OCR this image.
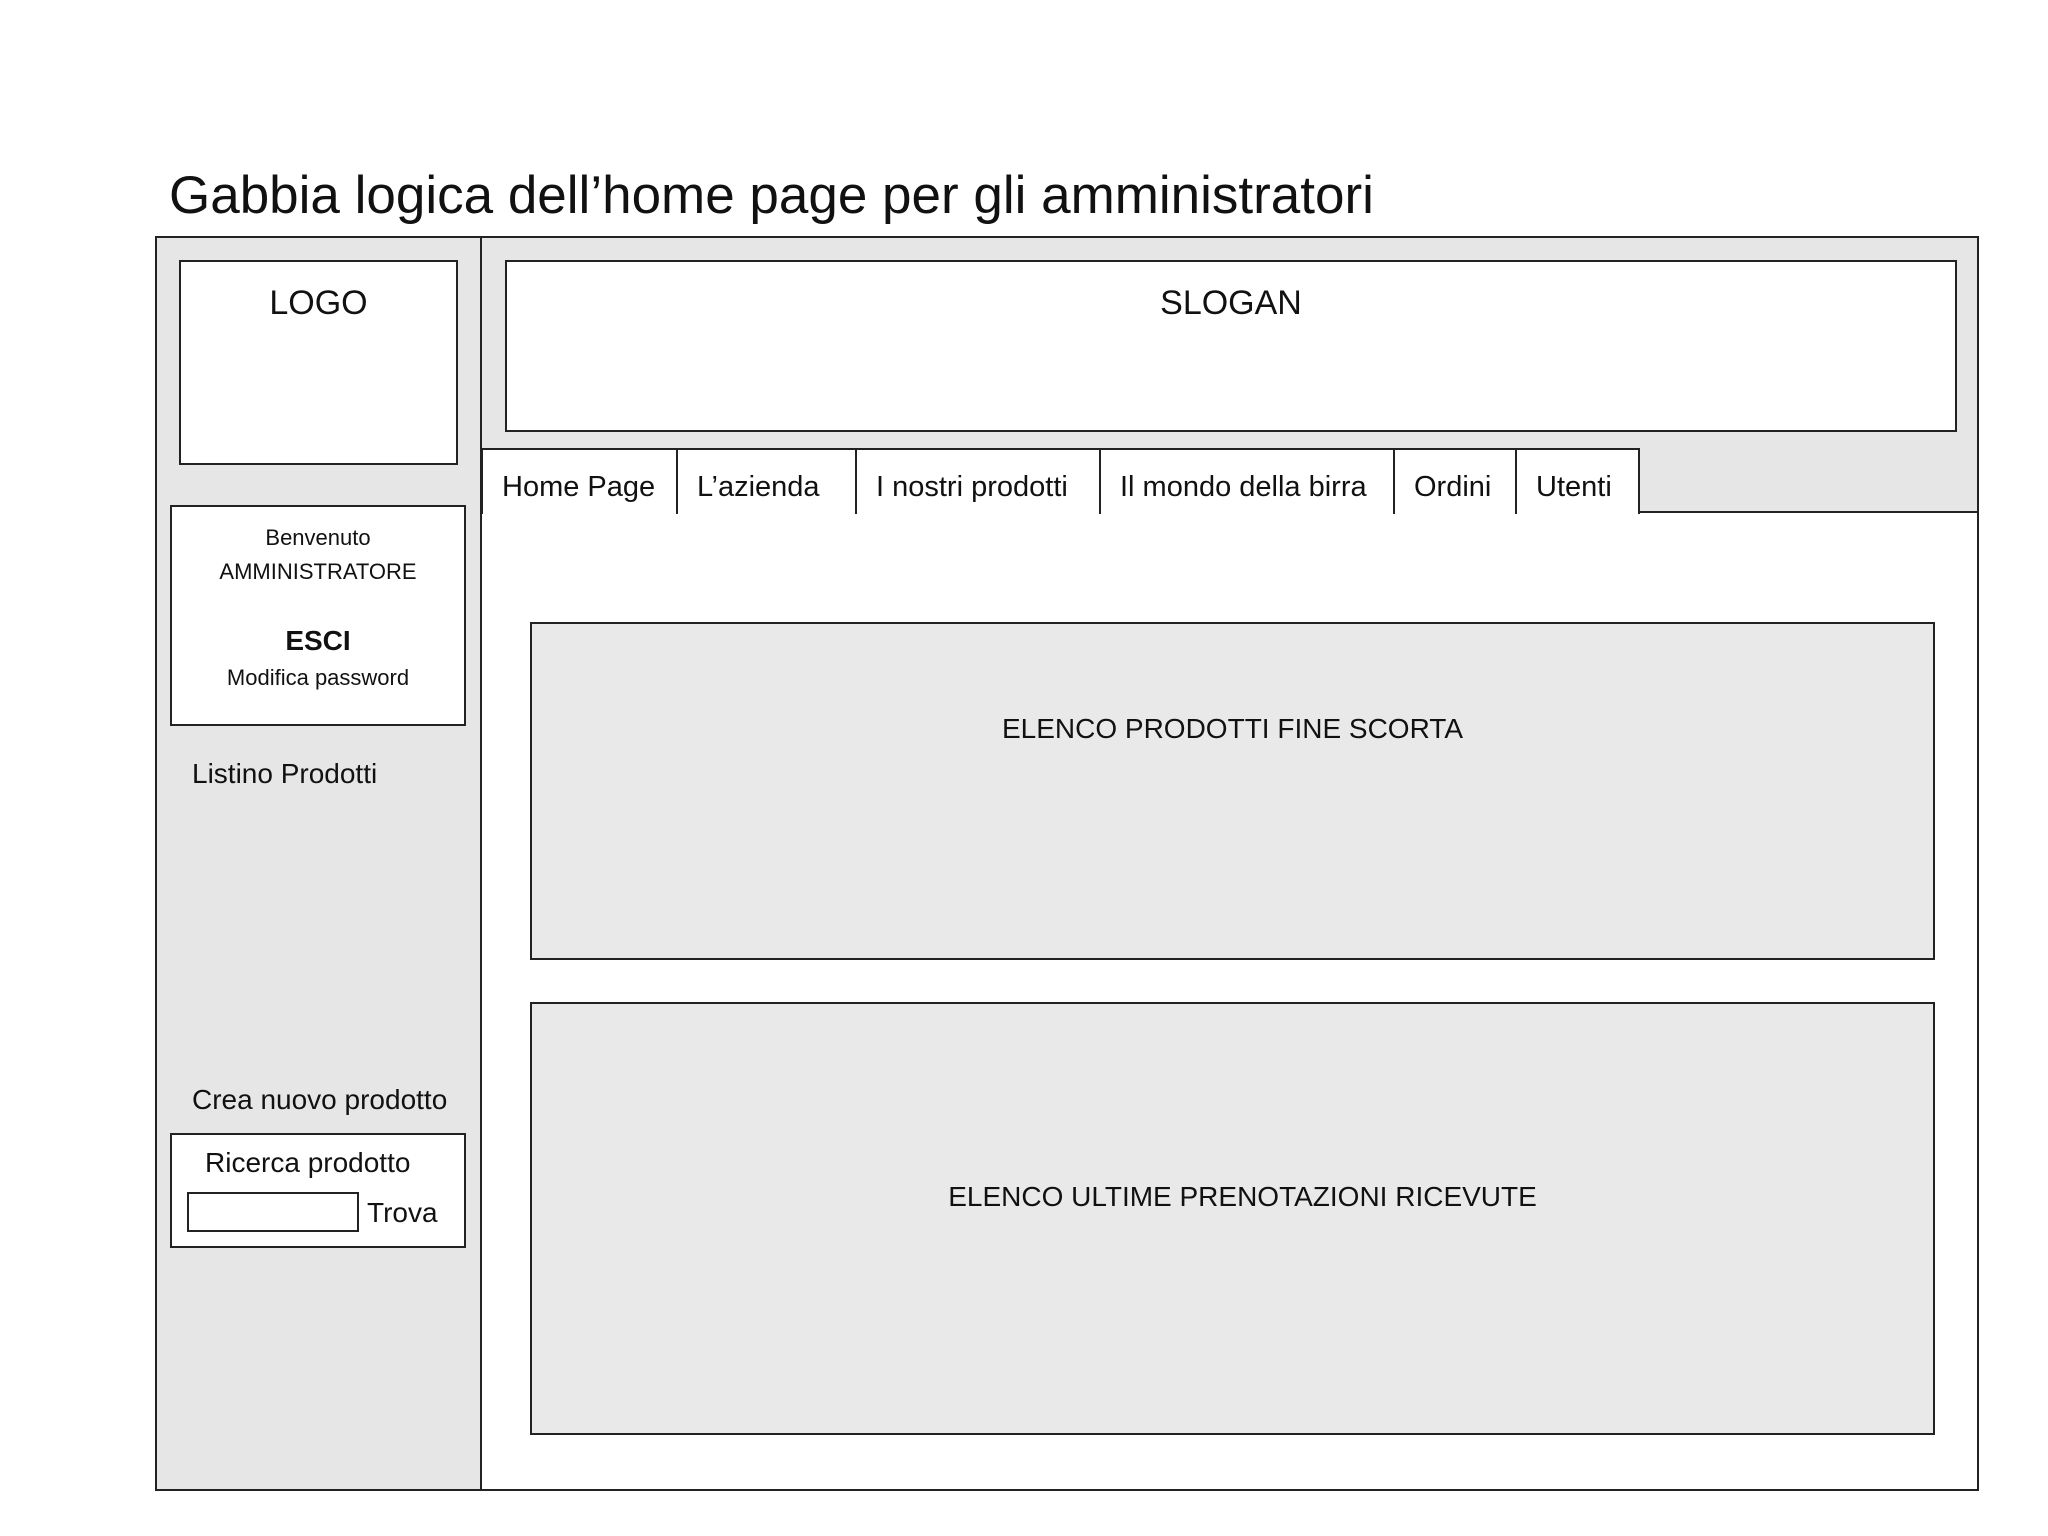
Gabbia logica dell’home page per gli amministratori
LOGO	SLOGAN
Home Page	L’azienda	I nostri prodotti	Il mondo della birra	Ordini	Utenti
Benvenuto
AMMINISTRATORE
ESCI
Modifica password
Listino Prodotti
Crea nuovo prodotto
Ricerca prodotto
Trova
ELENCO PRODOTTI FINE SCORTA
ELENCO ULTIME PRENOTAZIONI RICEVUTE
